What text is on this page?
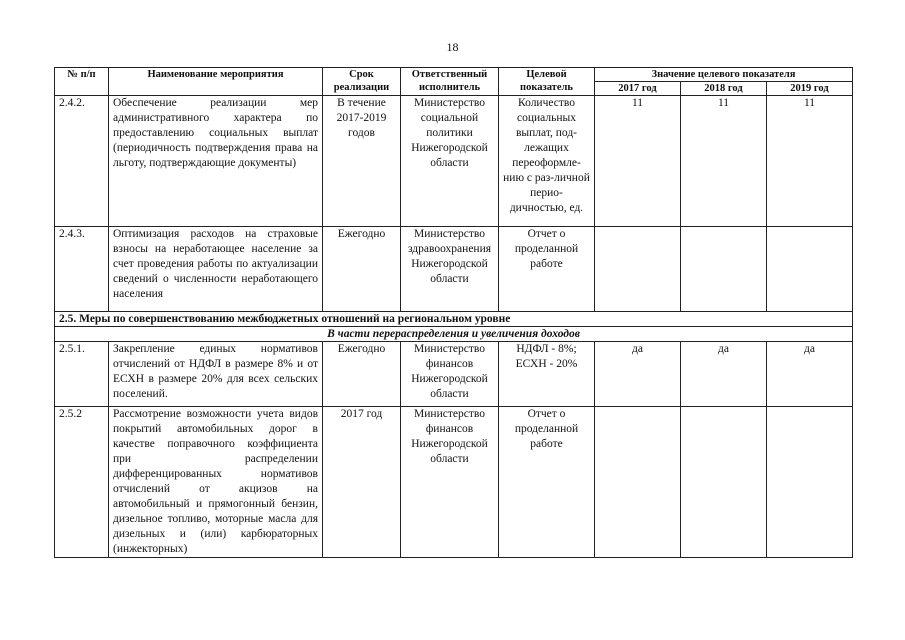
18
№ п/п	Наименование мероприятия	Срок реализации	Ответственный исполнитель	Целевой показатель	Значение целевого показателя		
					2017 год	2018 год	2019 год
2.4.2.	Обеспечение реализации мер административного характера по предоставлению социальных выплат (периодичность подтверждения права на льготу, подтверждающие документы)	В течение 2017-2019 годов	Министерство социальной политики Нижегородской области	Количество социальных выплат, под-лежащих переоформле-нию с раз-личной перио-дичностью, ед.	11	11	11
2.4.3.	Оптимизация расходов на страховые взносы на неработающее население за счет проведения работы по актуализации сведений о численности неработающего населения	Ежегодно	Министерство здравоохранения Нижегородской области	Отчет о проделанной работе			
2.5. Меры по совершенствованию межбюджетных отношений на региональном уровне							
В части перераспределения и увеличения доходов							
2.5.1.	Закрепление единых нормативов отчислений от НДФЛ в размере 8% и от ЕСХН в размере 20% для всех сельских поселений.	Ежегодно	Министерство финансов Нижегородской области	НДФЛ - 8%; ЕСХН - 20%	да	да	да
2.5.2	Рассмотрение возможности учета видов покрытий автомобильных дорог в качестве поправочного коэффициента при распределении дифференцированных нормативов отчислений от акцизов на автомобильный и прямогонный бензин, дизельное топливо, моторные масла для дизельных и (или) карбюраторных (инжекторных)	2017 год	Министерство финансов Нижегородской области	Отчет о проделанной работе			
